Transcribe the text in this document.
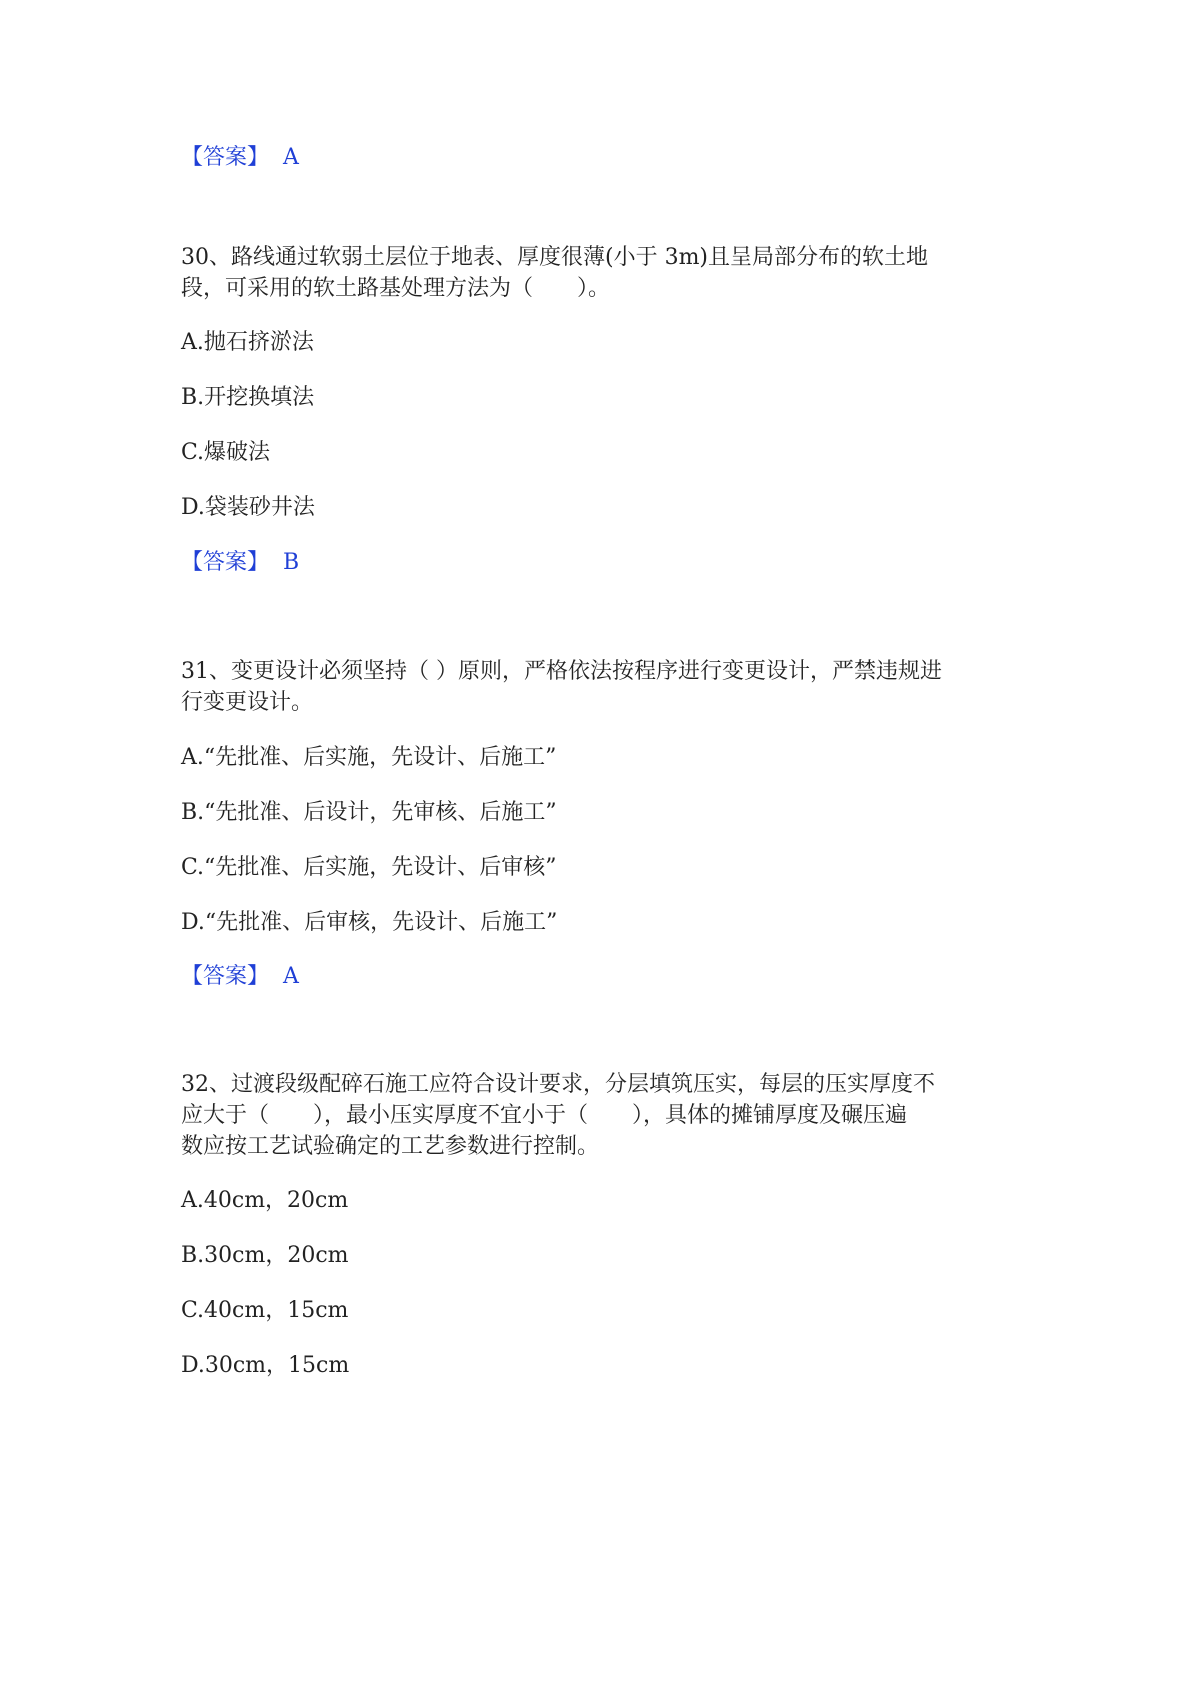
【答案】 A

30、路线通过软弱土层位于地表、厚度很薄(小于 3m)且呈局部分布的软土地

段，可采用的软土路基处理方法为（　　）。

A.抛石挤淤法

B.开挖换填法

C.爆破法

D.袋装砂井法

【答案】 B

31、变更设计必须坚持（ ）原则，严格依法按程序进行变更设计，严禁违规进

行变更设计。

A.“先批准、后实施，先设计、后施工”

B.“先批准、后设计，先审核、后施工”

C.“先批准、后实施，先设计、后审核”

D.“先批准、后审核，先设计、后施工”

【答案】 A

32、过渡段级配碎石施工应符合设计要求，分层填筑压实，每层的压实厚度不

应大于（　　），最小压实厚度不宜小于（　　），具体的摊铺厚度及碾压遍

数应按工艺试验确定的工艺参数进行控制。

A.40cm，20cm

B.30cm，20cm

C.40cm，15cm

D.30cm，15cm
